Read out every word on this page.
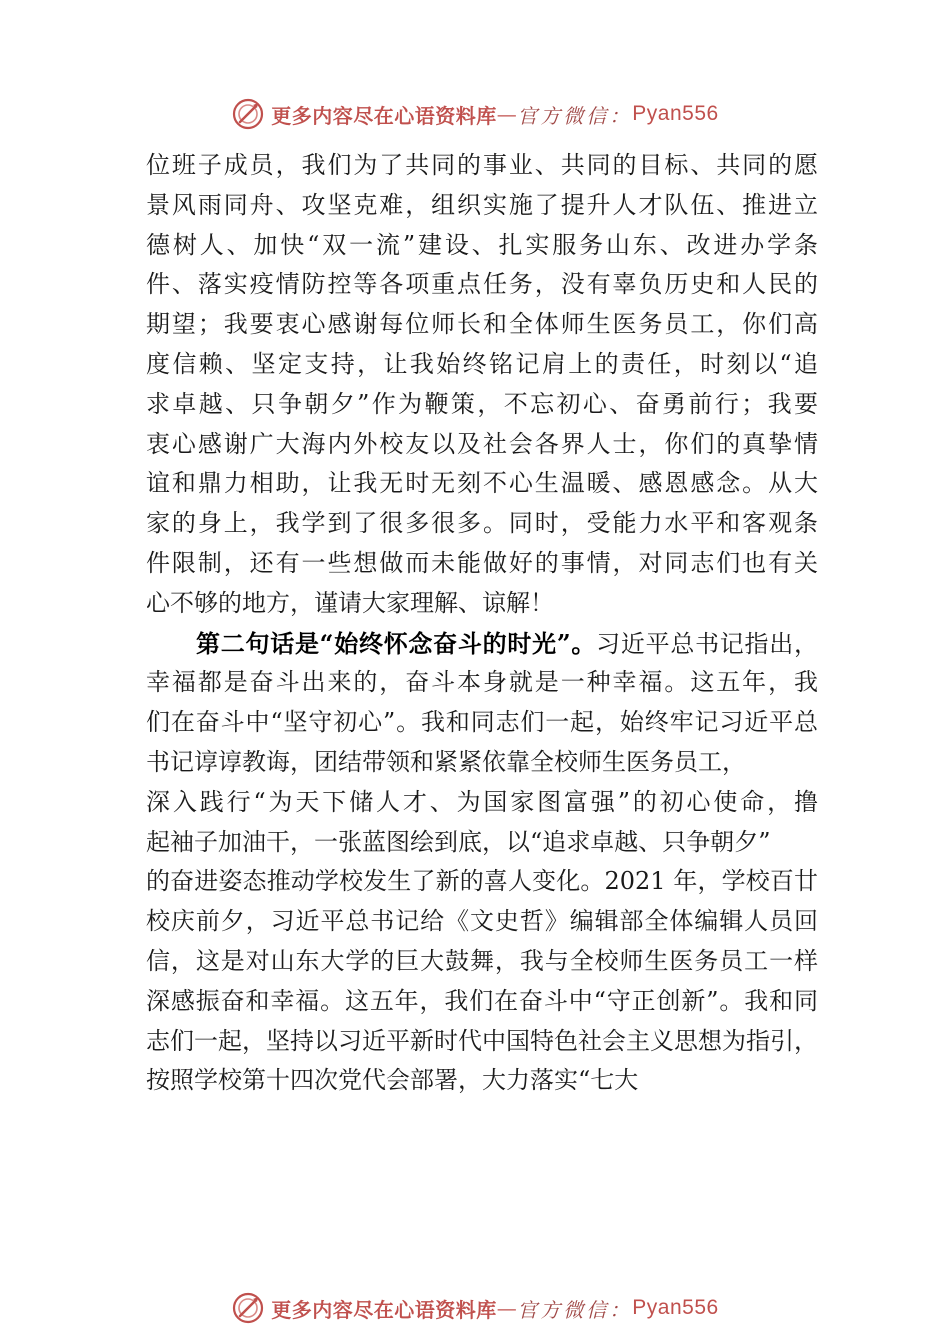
更多内容尽在心语资料库 — 官方微信： Pyan556
位班子成员，我们为了共同的事业、共同的目标、共同的愿
景风雨同舟、攻坚克难，组织实施了提升人才队伍、推进立
德树人、加快“双一流”建设、扎实服务山东、改进办学条
件、落实疫情防控等各项重点任务，没有辜负历史和人民的
期望；我要衷心感谢每位师长和全体师生医务员工，你们高
度信赖、坚定支持，让我始终铭记肩上的责任，时刻以“追
求卓越、只争朝夕”作为鞭策，不忘初心、奋勇前行；我要
衷心感谢广大海内外校友以及社会各界人士，你们的真挚情
谊和鼎力相助，让我无时无刻不心生温暖、感恩感念。从大
家的身上，我学到了很多很多。同时，受能力水平和客观条
件限制，还有一些想做而未能做好的事情，对同志们也有关
心不够的地方，谨请大家理解、谅解！
第二句话是“始终怀念奋斗的时光”。习近平总书记指出，
幸福都是奋斗出来的，奋斗本身就是一种幸福。这五年，我
们在奋斗中“坚守初心”。我和同志们一起，始终牢记习近平总
书记谆谆教诲，团结带领和紧紧依靠全校师生医务员工，
深入践行“为天下储人才、为国家图富强”的初心使命，撸
起袖子加油干，一张蓝图绘到底，以“追求卓越、只争朝夕”
的奋进姿态推动学校发生了新的喜人变化。2021 年，学校百廿
校庆前夕，习近平总书记给《文史哲》编辑部全体编辑人员回
信，这是对山东大学的巨大鼓舞，我与全校师生医务员工一样
深感振奋和幸福。这五年，我们在奋斗中“守正创新”。我和同
志们一起，坚持以习近平新时代中国特色社会主义思想为指引，
按照学校第十四次党代会部署，大力落实“七大
更多内容尽在心语资料库 — 官方微信： Pyan556
